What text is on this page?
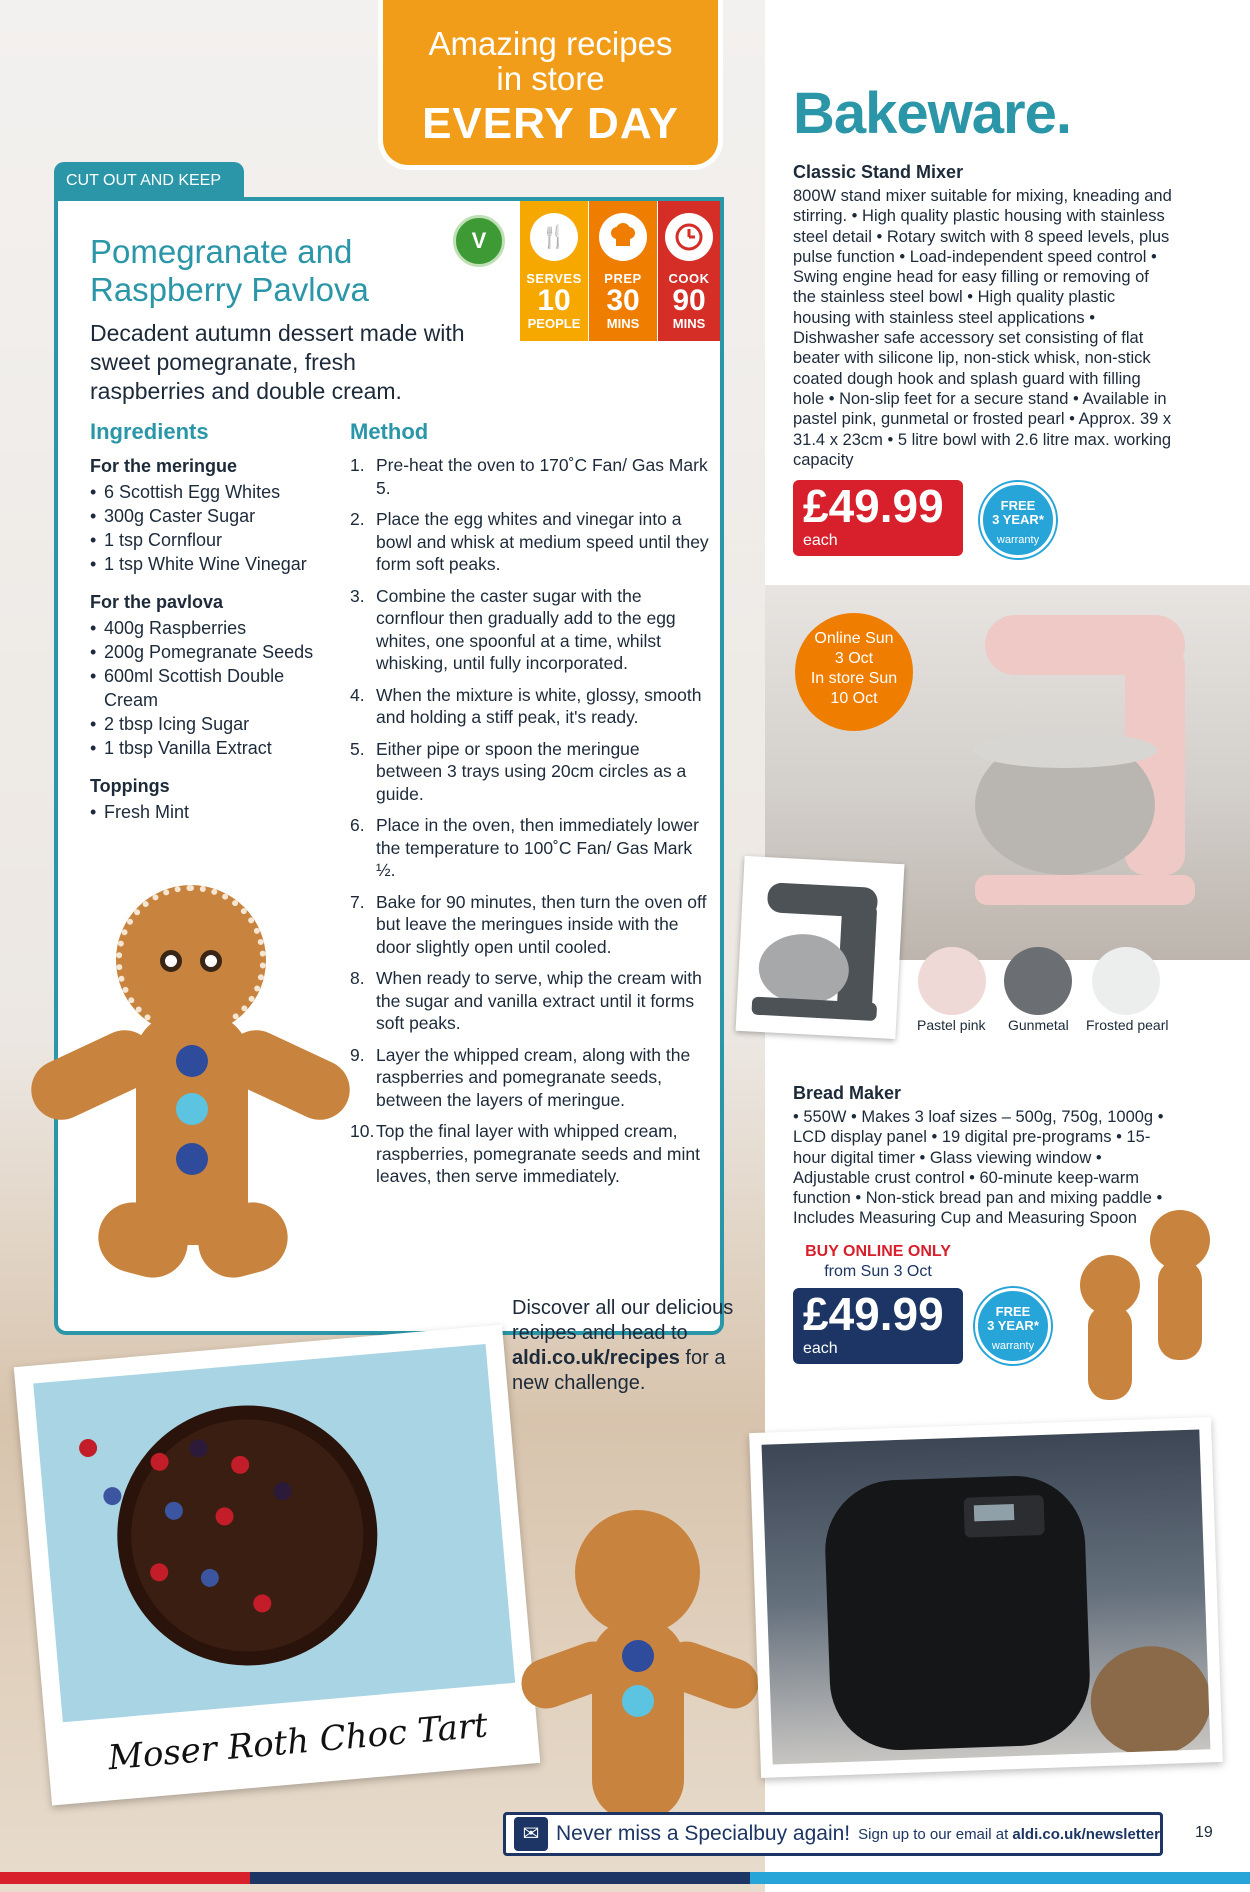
Amazing recipes
in store
EVERY DAY
CUT OUT AND KEEP
Pomegranate and Raspberry Pavlova
Decadent autumn dessert made with sweet pomegranate, fresh raspberries and double cream.
V	🍴
SERVES
10
PEOPLE
PREP
30
MINS
COOK
90
MINS
Ingredients	Method
For the meringue
• 6 Scottish Egg Whites
• 300g Caster Sugar
• 1 tsp Cornflour
• 1 tsp White Wine Vinegar
For the pavlova
• 400g Raspberries
• 200g Pomegranate Seeds
• 600ml Scottish Double Cream
• 2 tbsp Icing Sugar
• 1 tbsp Vanilla Extract
Toppings
• Fresh Mint
1. Pre-heat the oven to 170˚C Fan/ Gas Mark 5.
2. Place the egg whites and vinegar into a bowl and whisk at medium speed until they form soft peaks.
3. Combine the caster sugar with the cornflour then gradually add to the egg whites, one spoonful at a time, whilst whisking, until fully incorporated.
4. When the mixture is white, glossy, smooth and holding a stiff peak, it's ready.
5. Either pipe or spoon the meringue between 3 trays using 20cm circles as a guide.
6. Place in the oven, then immediately lower the temperature to 100˚C Fan/ Gas Mark ½.
7. Bake for 90 minutes, then turn the oven off but leave the meringues inside with the door slightly open until cooled.
8. When ready to serve, whip the cream with the sugar and vanilla extract until it forms soft peaks.
9. Layer the whipped cream, along with the raspberries and pomegranate seeds, between the layers of meringue.
10. Top the final layer with whipped cream, raspberries, pomegranate seeds and mint leaves, then serve immediately.
Moser Roth Choc Tart
Discover all our delicious recipes and head to aldi.co.uk/recipes for a new challenge.
Bakeware.
Classic Stand Mixer
800W stand mixer suitable for mixing, kneading and stirring. • High quality plastic housing with stainless steel detail • Rotary switch with 8 speed levels, plus pulse function • Load-independent speed control • Swing engine head for easy filling or removing of the stainless steel bowl • High quality plastic housing with stainless steel applications • Dishwasher safe accessory set consisting of flat beater with silicone lip, non-stick whisk, non-stick coated dough hook and splash guard with filling hole • Non-slip feet for a secure stand • Available in pastel pink, gunmetal or frosted pearl • Approx. 39 x 31.4 x 23cm • 5 litre bowl with 2.6 litre max. working capacity
£49.99
each
FREE
3 YEAR*
warranty
Online Sun
3 Oct
In store Sun
10 Oct
Pastel pink Gunmetal Frosted pearl
Bread Maker
• 550W • Makes 3 loaf sizes – 500g, 750g, 1000g • LCD display panel • 19 digital pre-programs • 15-hour digital timer • Glass viewing window • Adjustable crust control • 60-minute keep-warm function • Non-stick bread pan and mixing paddle • Includes Measuring Cup and Measuring Spoon
BUY ONLINE ONLY
from Sun 3 Oct
£49.99
each
FREE
3 YEAR*
warranty
✉ Never miss a Specialbuy again! Sign up to our email at aldi.co.uk/newsletter 19
